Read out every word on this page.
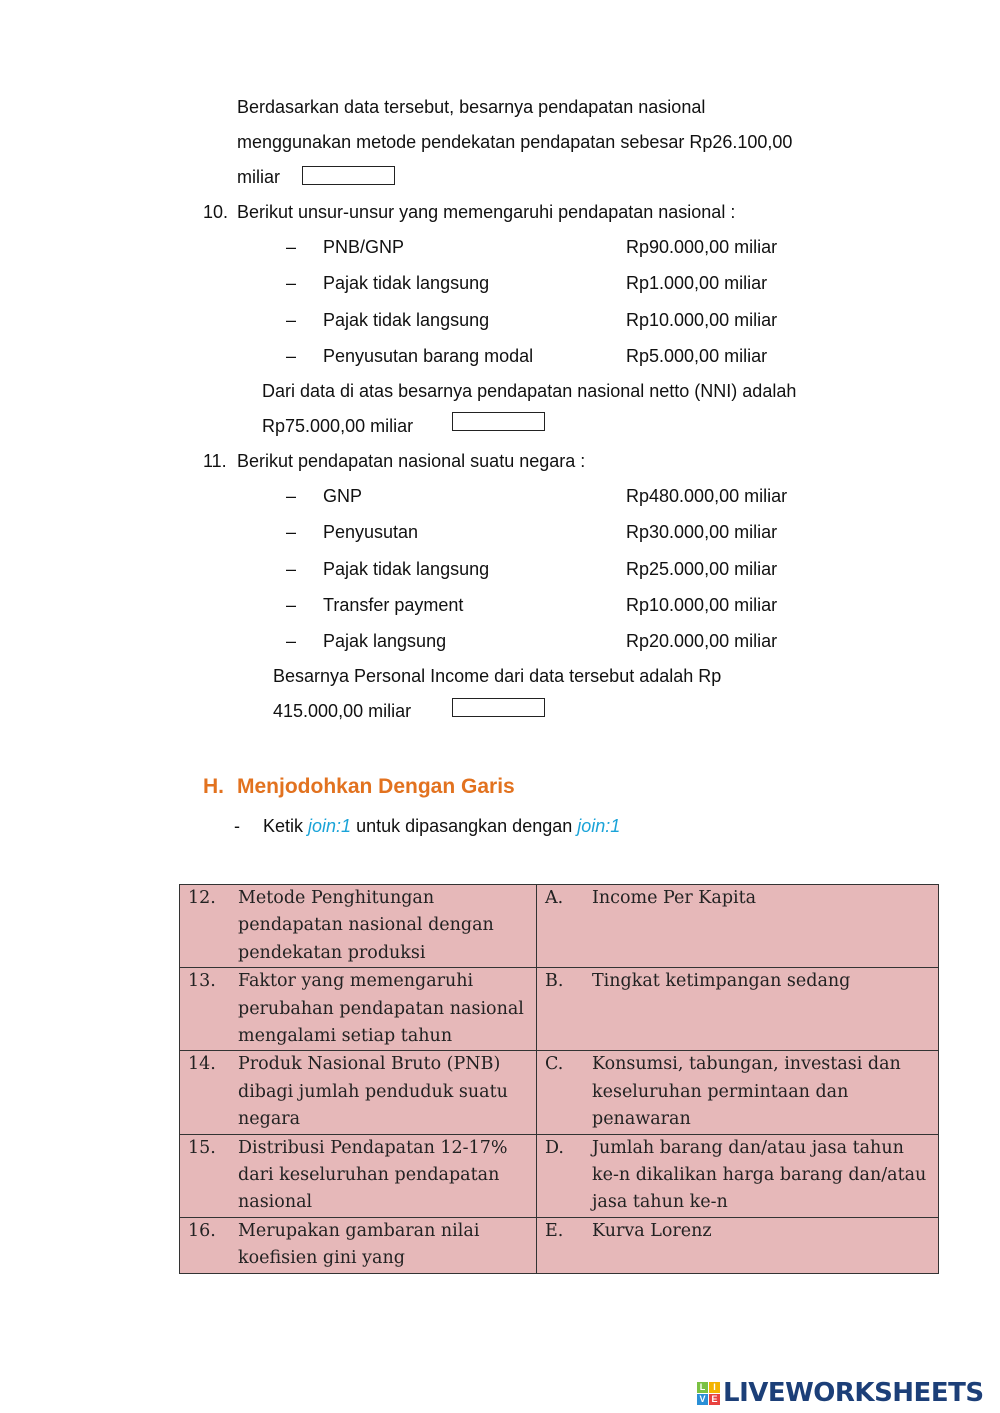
Berdasarkan data tersebut, besarnya pendapatan nasional
menggunakan metode pendekatan pendapatan sebesar Rp26.100,00
miliar
10. Berikut unsur-unsur yang memengaruhi pendapatan nasional :
– PNB/GNP	Rp90.000,00 miliar
– Pajak tidak langsung	Rp1.000,00 miliar
– Pajak tidak langsung	Rp10.000,00 miliar
– Penyusutan barang modal	Rp5.000,00 miliar
Dari data di atas besarnya pendapatan nasional netto (NNI) adalah
Rp75.000,00 miliar
11. Berikut pendapatan nasional suatu negara :
– GNP	Rp480.000,00 miliar
– Penyusutan	Rp30.000,00 miliar
– Pajak tidak langsung	Rp25.000,00 miliar
– Transfer payment	Rp10.000,00 miliar
– Pajak langsung	Rp20.000,00 miliar
Besarnya Personal Income dari data tersebut adalah Rp
415.000,00 miliar
H. Menjodohkan Dengan Garis
- Ketik join:1 untuk dipasangkan dengan join:1
12. Metode Penghitungan pendapatan nasional dengan pendekatan produksi	A. Income Per Kapita
13. Faktor yang memengaruhi perubahan pendapatan nasional mengalami setiap tahun	B. Tingkat ketimpangan sedang
14. Produk Nasional Bruto (PNB) dibagi jumlah penduduk suatu negara	C. Konsumsi, tabungan, investasi dan keseluruhan permintaan dan penawaran
15. Distribusi Pendapatan 12-17% dari keseluruhan pendapatan nasional	D. Jumlah barang dan/atau jasa tahun ke-n dikalikan harga barang dan/atau jasa tahun ke-n
16. Merupakan gambaran nilai koefisien gini yang	E. Kurva Lorenz
L I
V E LIVEWORKSHEETS
